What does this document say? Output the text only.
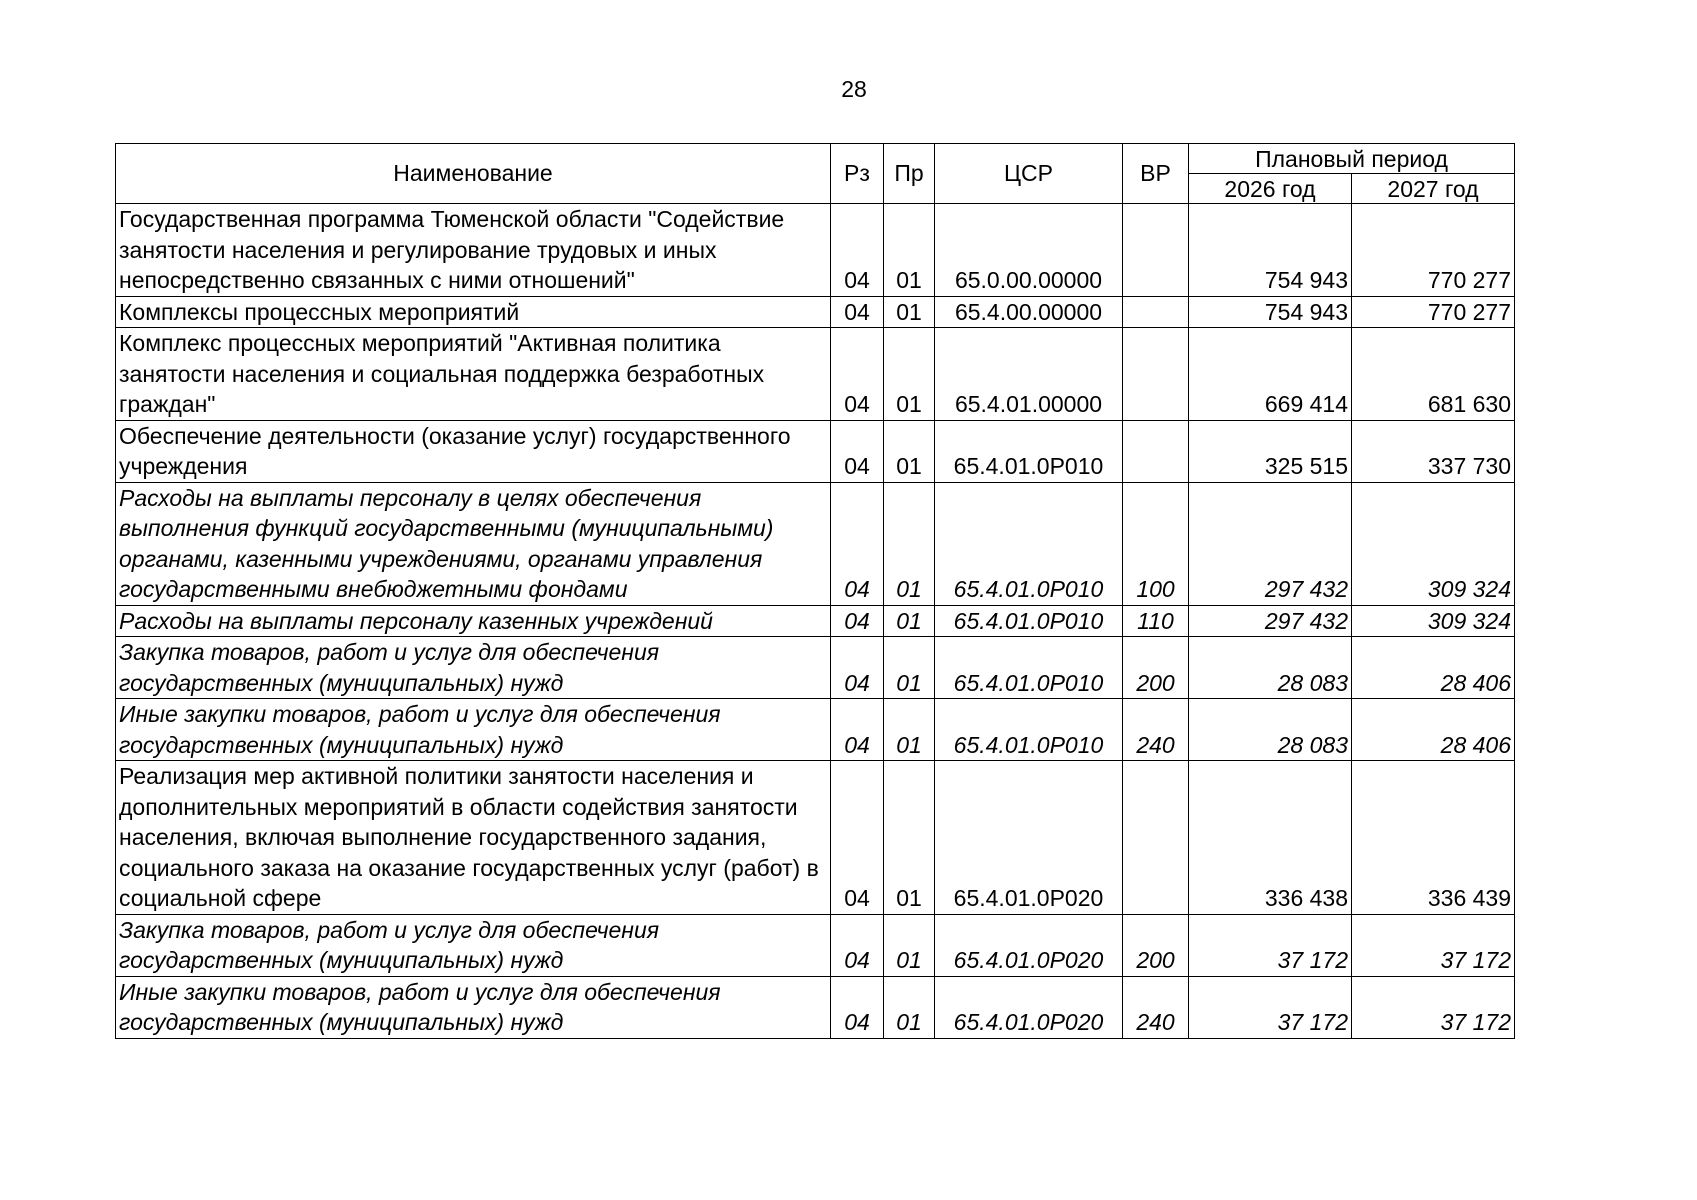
28
Наименование	Рз	Пр	ЦСР	ВР	Плановый период	
					2026 год	2027 год
Государственная программа Тюменской области "Содействие занятости населения и регулирование трудовых и иных непосредственно связанных с ними отношений"	04	01	65.0.00.00000		754 943	770 277
Комплексы процессных мероприятий	04	01	65.4.00.00000		754 943	770 277
Комплекс процессных мероприятий "Активная политика занятости населения и социальная поддержка безработных граждан"	04	01	65.4.01.00000		669 414	681 630
Обеспечение деятельности (оказание услуг) государственного учреждения	04	01	65.4.01.0Р010		325 515	337 730
Расходы на выплаты персоналу в целях обеспечения выполнения функций государственными (муниципальными) органами, казенными учреждениями, органами управления государственными внебюджетными фондами	04	01	65.4.01.0Р010	100	297 432	309 324
Расходы на выплаты персоналу казенных учреждений	04	01	65.4.01.0Р010	110	297 432	309 324
Закупка товаров, работ и услуг для обеспечения государственных (муниципальных) нужд	04	01	65.4.01.0Р010	200	28 083	28 406
Иные закупки товаров, работ и услуг для обеспечения государственных (муниципальных) нужд	04	01	65.4.01.0Р010	240	28 083	28 406
Реализация мер активной политики занятости населения и дополнительных мероприятий в области содействия занятости населения, включая выполнение государственного задания, социального заказа на оказание государственных услуг (работ) в социальной сфере	04	01	65.4.01.0Р020		336 438	336 439
Закупка товаров, работ и услуг для обеспечения государственных (муниципальных) нужд	04	01	65.4.01.0Р020	200	37 172	37 172
Иные закупки товаров, работ и услуг для обеспечения государственных (муниципальных) нужд	04	01	65.4.01.0Р020	240	37 172	37 172
